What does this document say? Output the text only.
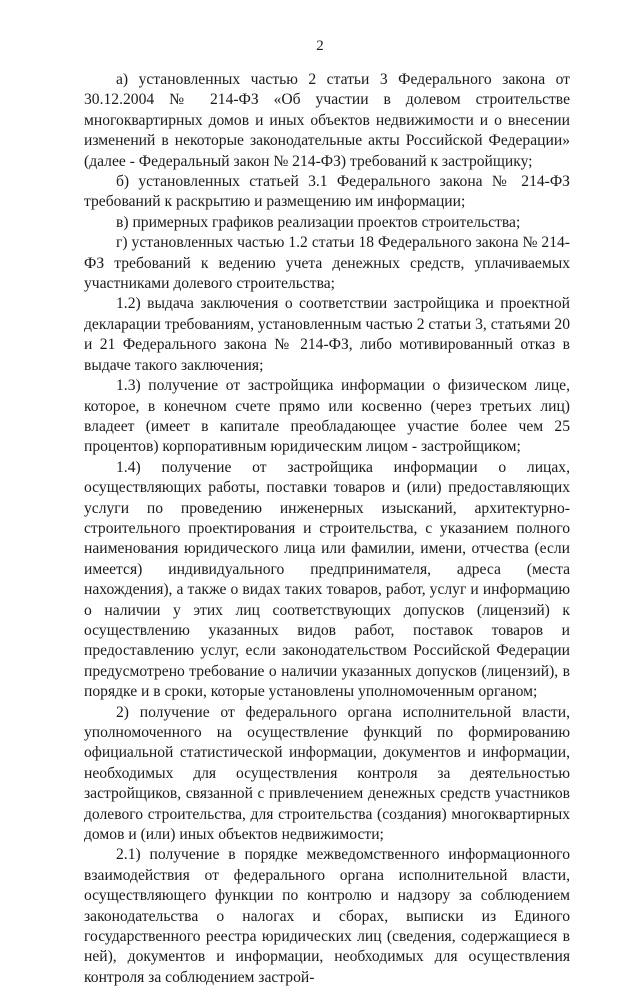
2

а) установленных частью 2 статьи 3 Федерального закона от 30.12.2004 № 214-ФЗ «Об участии в долевом строительстве многоквартирных домов и иных объектов недвижимости и о внесении изменений в некоторые законодательные акты Российской Федерации» (далее - Федеральный закон № 214-ФЗ) требований к застройщику;

б) установленных статьей 3.1 Федерального закона № 214-ФЗ требований к раскрытию и размещению им информации;

в) примерных графиков реализации проектов строительства;

г) установленных частью 1.2 статьи 18 Федерального закона № 214-ФЗ требований к ведению учета денежных средств, уплачиваемых участниками долевого строительства;

1.2) выдача заключения о соответствии застройщика и проектной декларации требованиям, установленным частью 2 статьи 3, статьями 20 и 21 Федерального закона № 214-ФЗ, либо мотивированный отказ в выдаче такого заключения;

1.3) получение от застройщика информации о физическом лице, которое, в конечном счете прямо или косвенно (через третьих лиц) владеет (имеет в капитале преобладающее участие более чем 25 процентов) корпоративным юридическим лицом - застройщиком;

1.4) получение от застройщика информации о лицах, осуществляющих работы, поставки товаров и (или) предоставляющих услуги по проведению инженерных изысканий, архитектурно-строительного проектирования и строительства, с указанием полного наименования юридического лица или фамилии, имени, отчества (если имеется) индивидуального предпринимателя, адреса (места нахождения), а также о видах таких товаров, работ, услуг и информацию о наличии у этих лиц соответствующих допусков (лицензий) к осуществлению указанных видов работ, поставок товаров и предоставлению услуг, если законодательством Российской Федерации предусмотрено требование о наличии указанных допусков (лицензий), в порядке и в сроки, которые установлены уполномоченным органом;

2) получение от федерального органа исполнительной власти, уполномоченного на осуществление функций по формированию официальной статистической информации, документов и информации, необходимых для осуществления контроля за деятельностью застройщиков, связанной с привлечением денежных средств участников долевого строительства, для строительства (создания) многоквартирных домов и (или) иных объектов недвижимости;

2.1) получение в порядке межведомственного информационного взаимодействия от федерального органа исполнительной власти, осуществляющего функции по контролю и надзору за соблюдением законодательства о налогах и сборах, выписки из Единого государственного реестра юридических лиц (сведения, содержащиеся в ней), документов и информации, необходимых для осуществления контроля за соблюдением застрой-
